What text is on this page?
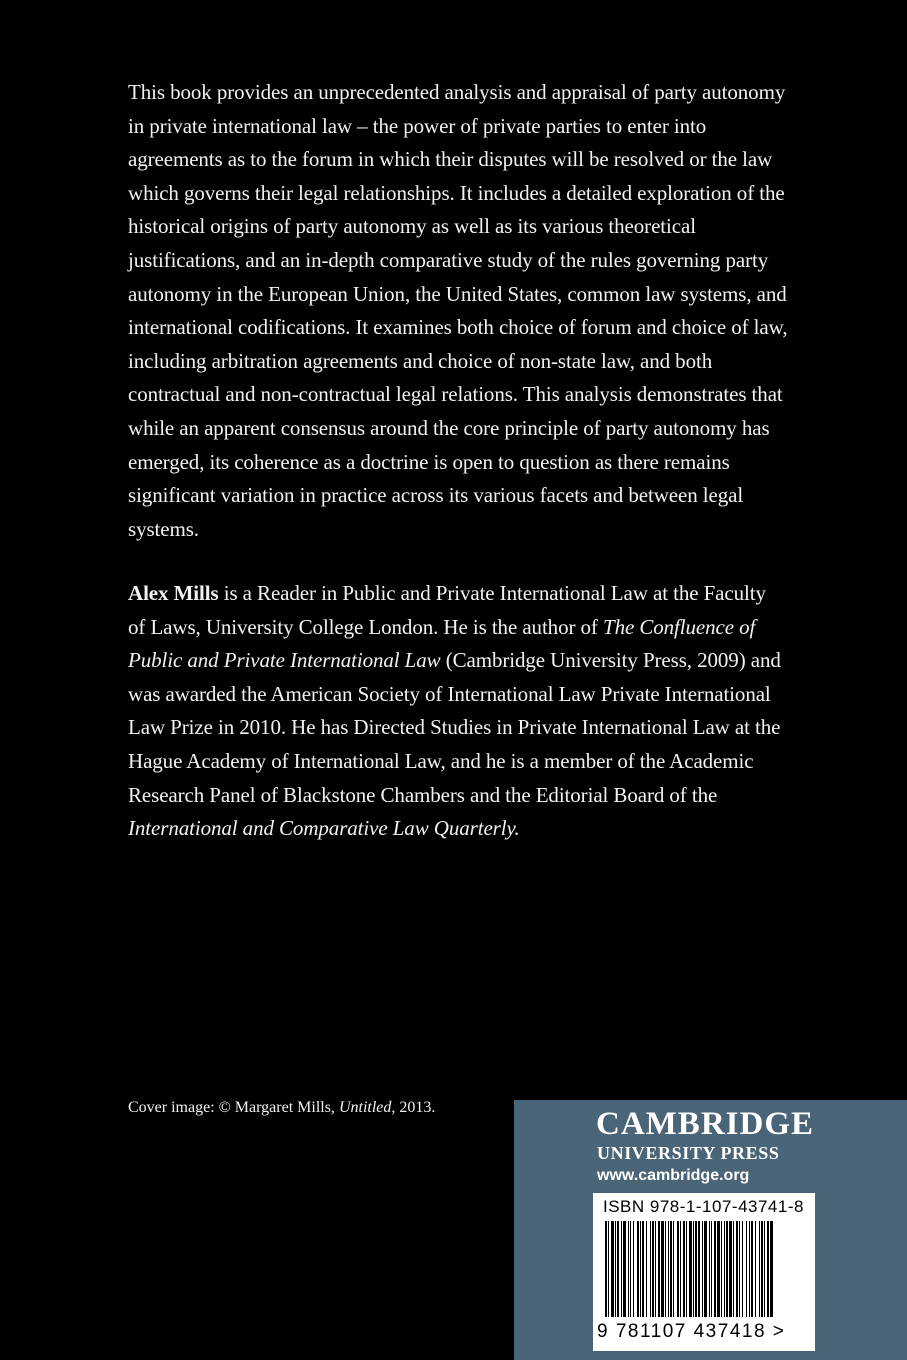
This book provides an unprecedented analysis and appraisal of party autonomy in private international law – the power of private parties to enter into agreements as to the forum in which their disputes will be resolved or the law which governs their legal relationships. It includes a detailed exploration of the historical origins of party autonomy as well as its various theoretical justifications, and an in-depth comparative study of the rules governing party autonomy in the European Union, the United States, common law systems, and international codifications. It examines both choice of forum and choice of law, including arbitration agreements and choice of non-state law, and both contractual and non-contractual legal relations. This analysis demonstrates that while an apparent consensus around the core principle of party autonomy has emerged, its coherence as a doctrine is open to question as there remains significant variation in practice across its various facets and between legal systems.

Alex Mills is a Reader in Public and Private International Law at the Faculty of Laws, University College London. He is the author of The Confluence of Public and Private International Law (Cambridge University Press, 2009) and was awarded the American Society of International Law Private International Law Prize in 2010. He has Directed Studies in Private International Law at the Hague Academy of International Law, and he is a member of the Academic Research Panel of Blackstone Chambers and the Editorial Board of the International and Comparative Law Quarterly.

Cover image: © Margaret Mills, Untitled, 2013.	CAMBRIDGE

UNIVERSITY PRESS

www.cambridge.org

ISBN 978-1-107-43741-8

9 781107 437418 >
